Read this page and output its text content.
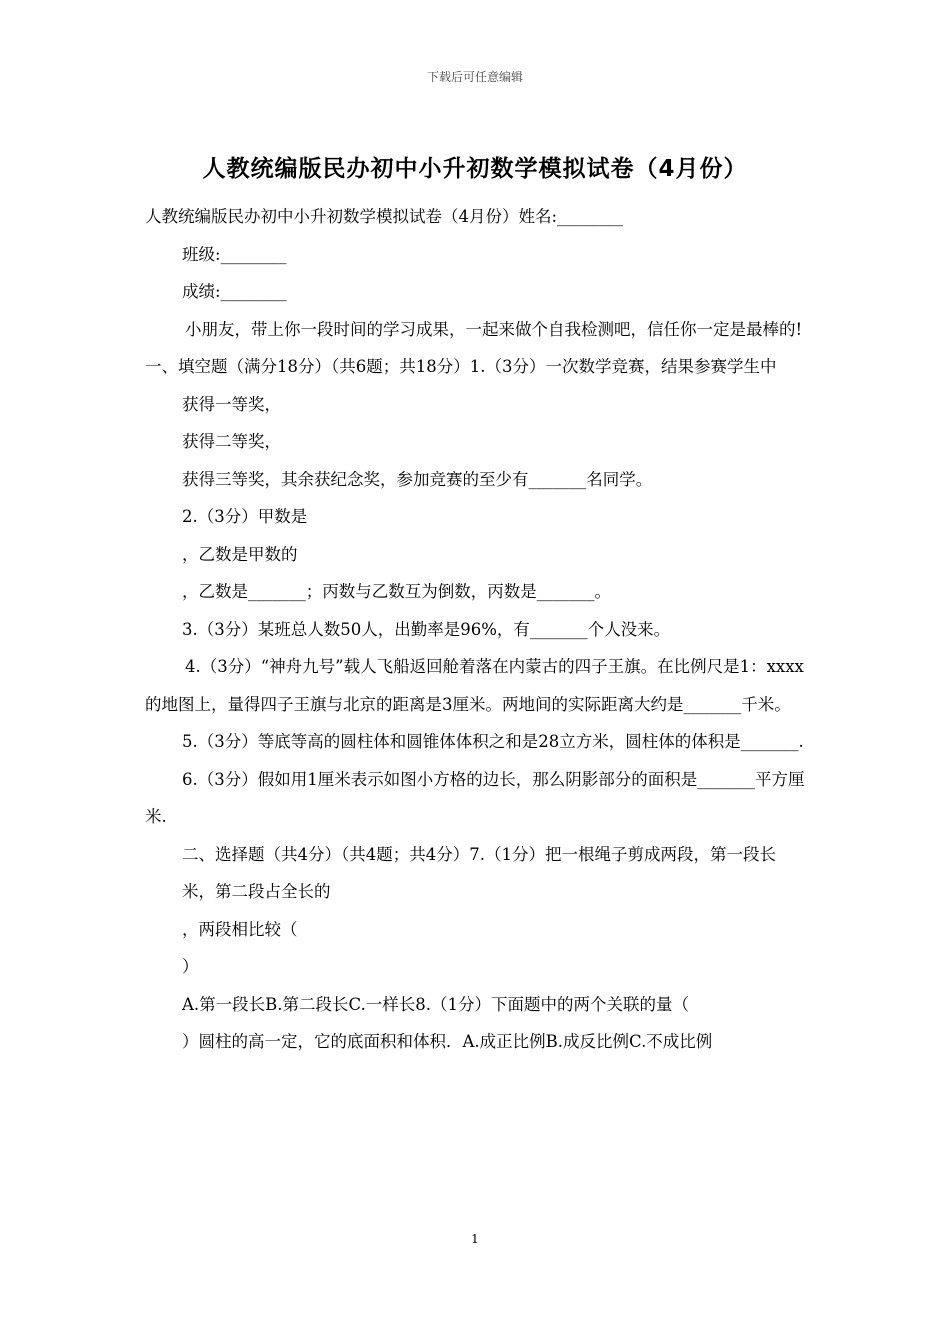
下载后可任意编辑
人教统编版民办初中小升初数学模拟试卷（4月份）

人教统编版民办初中小升初数学模拟试卷（4月份）姓名:________

班级:________

成绩:________

小朋友，带上你一段时间的学习成果，一起来做个自我检测吧，信任你一定是最棒的!一、填空题（满分18分）（共6题；共18分）1.（3分）一次数学竞赛，结果参赛学生中

获得一等奖，

获得二等奖，

获得三等奖，其余获纪念奖，参加竞赛的至少有_______名同学。

2.（3分）甲数是

，乙数是甲数的

，乙数是_______；丙数与乙数互为倒数，丙数是_______。

3.（3分）某班总人数50人，出勤率是96%，有_______个人没来。

4.（3分）“神舟九号”载人飞船返回舱着落在内蒙古的四子王旗。在比例尺是1：xxxx的地图上，量得四子王旗与北京的距离是3厘米。两地间的实际距离大约是_______千米。

5.（3分）等底等高的圆柱体和圆锥体体积之和是28立方米，圆柱体的体积是_______.

6.（3分）假如用1厘米表示如图小方格的边长，那么阴影部分的面积是_______平方厘米.

二、选择题（共4分）（共4题；共4分）7.（1分）把一根绳子剪成两段，第一段长

米，第二段占全长的

，两段相比较（

）

A.第一段长B.第二段长C.一样长8.（1分）下面题中的两个关联的量（

）圆柱的高一定，它的底面积和体积．A.成正比例B.成反比例C.不成比例

1
